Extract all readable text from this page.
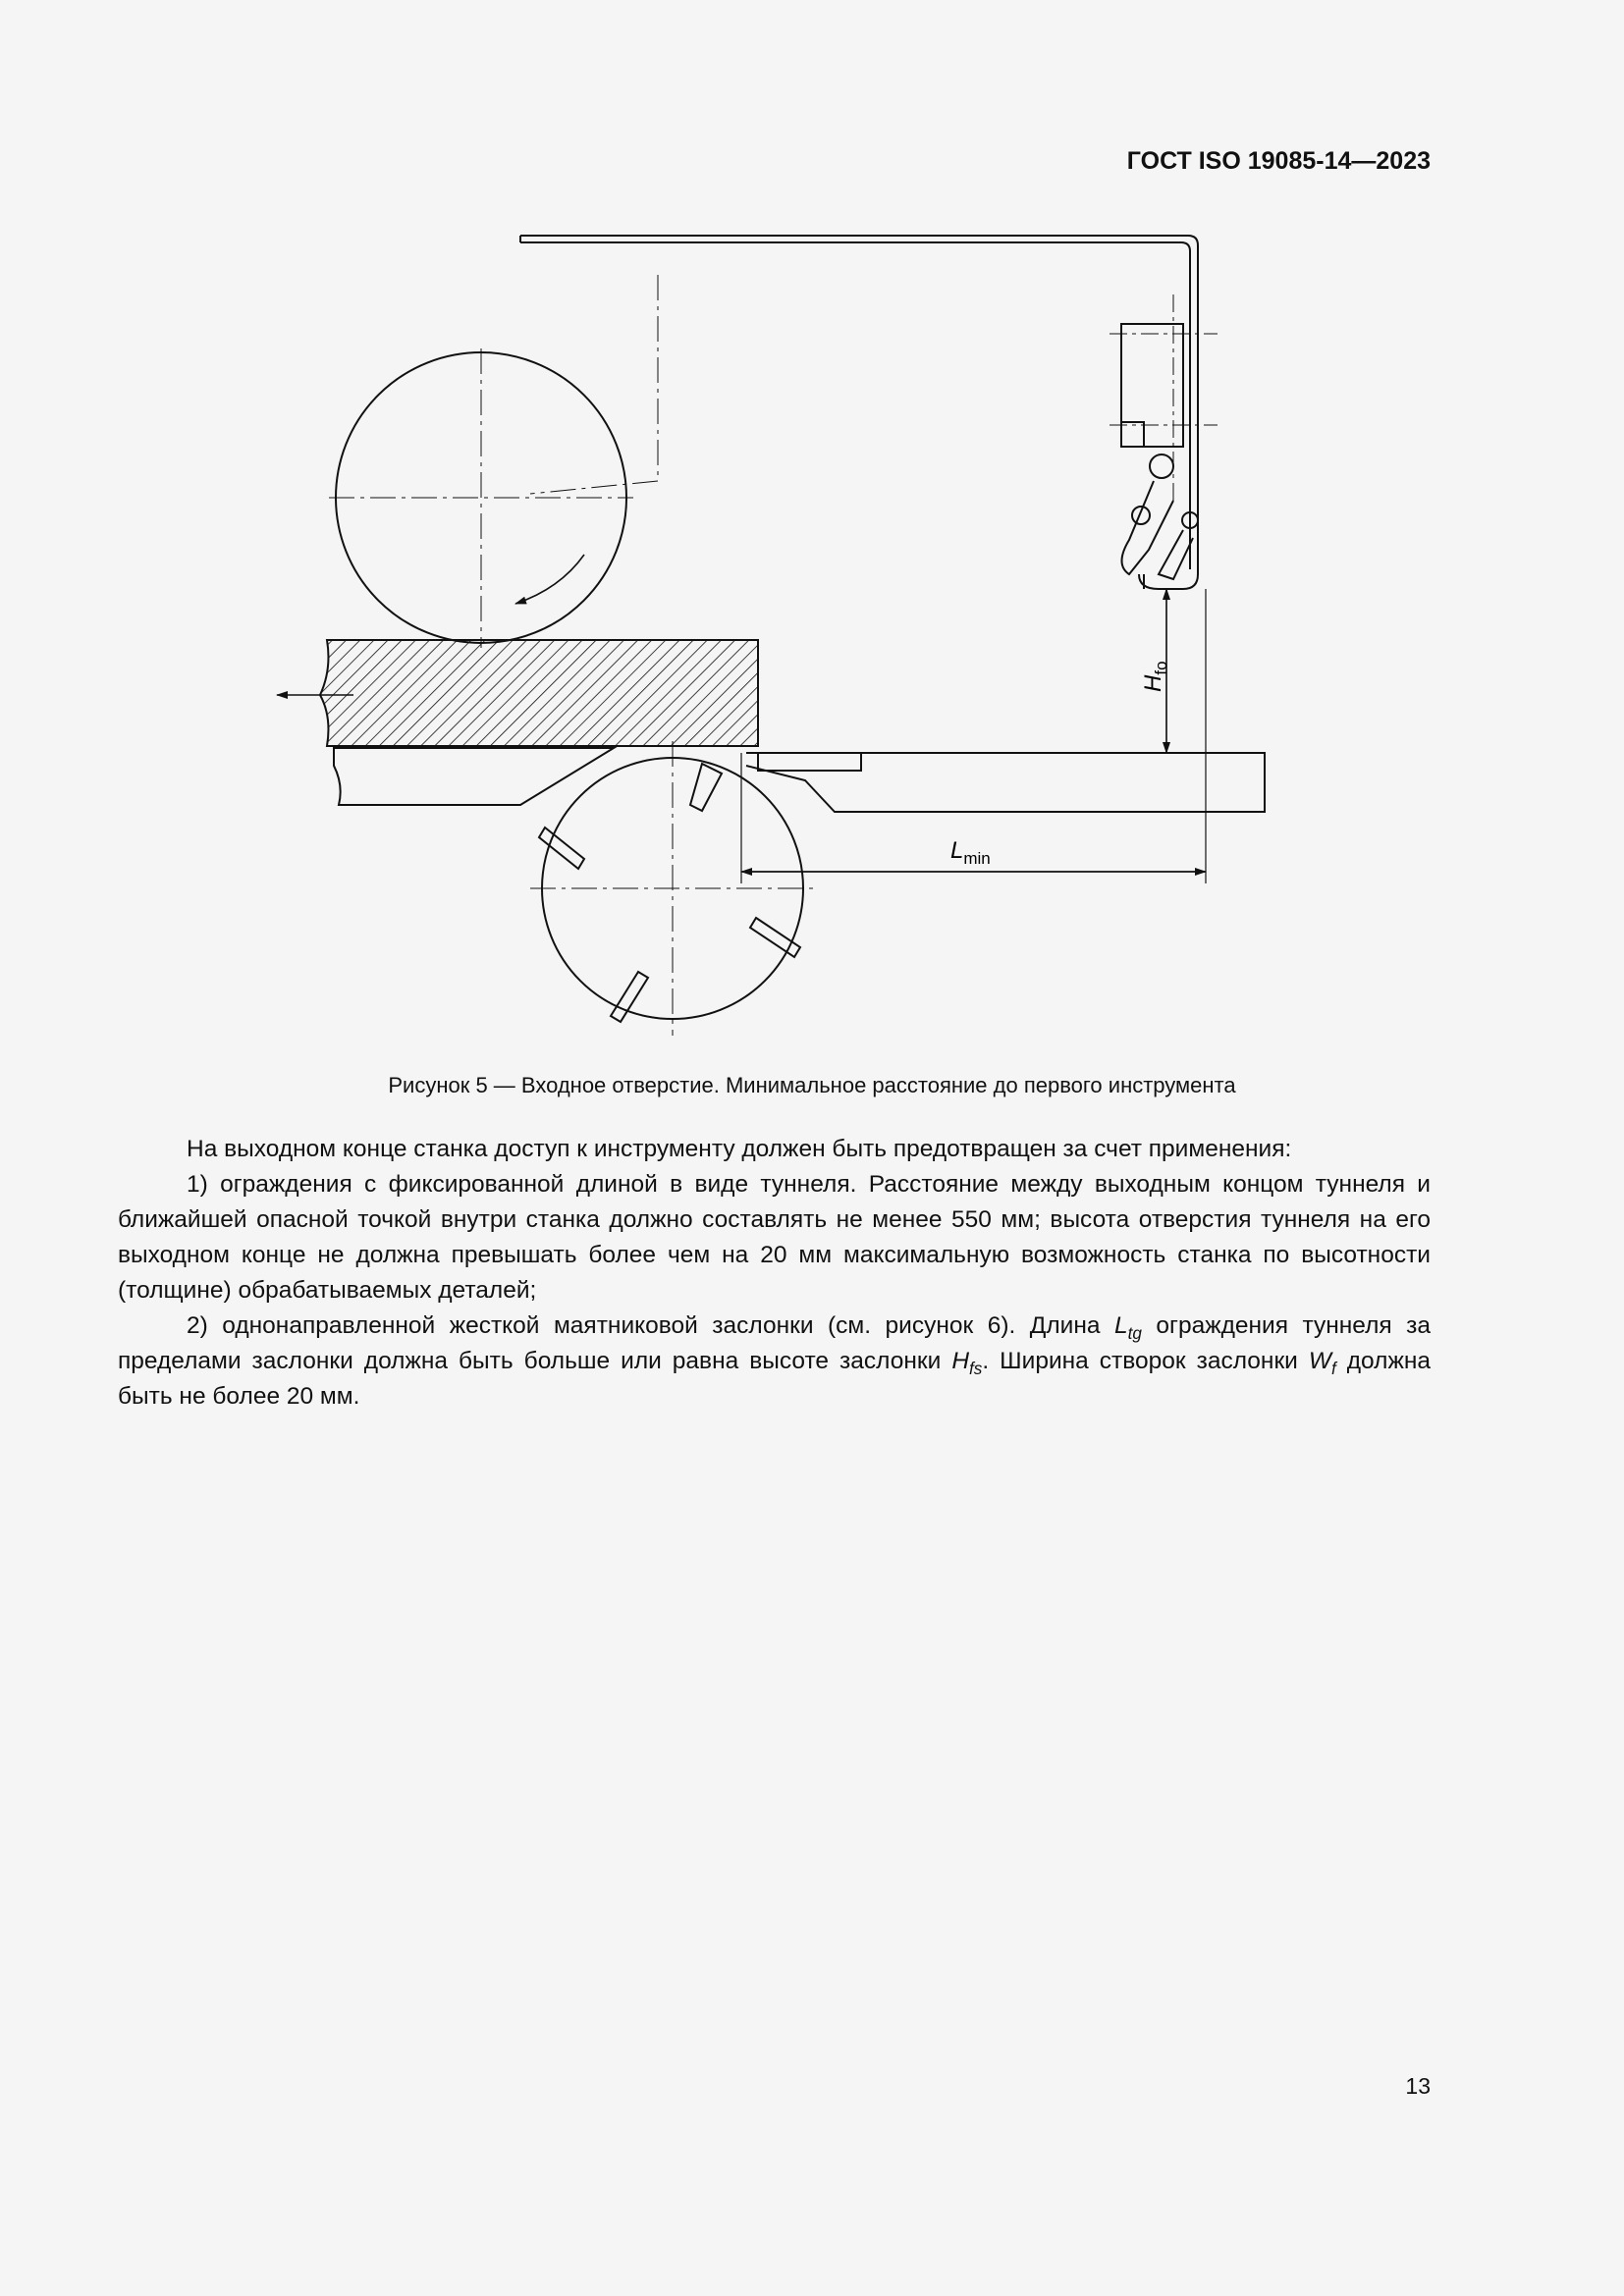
ГОСТ ISO 19085-14—2023
$H_{fo}$
$L_{min}$
Рисунок 5 — Входное отверстие. Минимальное расстояние до первого инструмента

На выходном конце станка доступ к инструменту должен быть предотвращен за счет применения:

1) ограждения с фиксированной длиной в виде туннеля. Расстояние между выходным концом туннеля и ближайшей опасной точкой внутри станка должно составлять не менее 550 мм; высота отверстия туннеля на его выходном конце не должна превышать более чем на 20 мм максимальную возможность станка по высотности (толщине) обрабатываемых деталей;

2) однонаправленной жесткой маятниковой заслонки (см. рисунок 6). Длина $L_{tg}$ ограждения туннеля за пределами заслонки должна быть больше или равна высоте заслонки $H_{fs}$. Ширина створок заслонки $W_f$ должна быть не более 20 мм.

13
